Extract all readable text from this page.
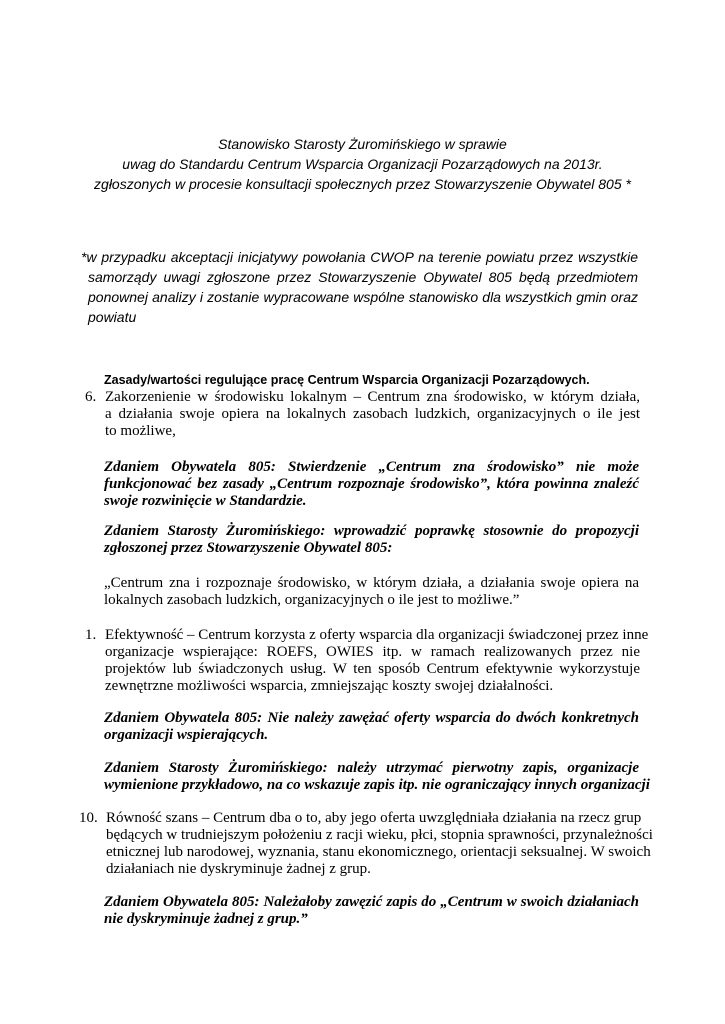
Stanowisko Starosty Żuromińskiego w sprawie
uwag do Standardu Centrum Wsparcia Organizacji Pozarządowych na 2013r.
zgłoszonych w procesie konsultacji społecznych przez Stowarzyszenie Obywatel 805 *
*w przypadku akceptacji inicjatywy powołania CWOP na terenie powiatu przez wszystkie
samorządy uwagi zgłoszone przez Stowarzyszenie Obywatel 805 będą przedmiotem
ponownej analizy i zostanie wypracowane wspólne stanowisko dla wszystkich gmin oraz
powiatu
Zasady/wartości regulujące pracę Centrum Wsparcia Organizacji Pozarządowych.
6. Zakorzenienie w środowisku lokalnym – Centrum zna środowisko, w którym działa,
a działania swoje opiera na lokalnych zasobach ludzkich, organizacyjnych o ile jest
to możliwe,
Zdaniem Obywatela 805: Stwierdzenie „Centrum zna środowisko” nie może
funkcjonować bez zasady „Centrum rozpoznaje środowisko”, która powinna znaleźć
swoje rozwinięcie w Standardzie.
Zdaniem Starosty Żuromińskiego: wprowadzić poprawkę stosownie do propozycji
zgłoszonej przez Stowarzyszenie Obywatel 805:
„Centrum zna i rozpoznaje środowisko, w którym działa, a działania swoje opiera na
lokalnych zasobach ludzkich, organizacyjnych o ile jest to możliwe.”
1. Efektywność – Centrum korzysta z oferty wsparcia dla organizacji świadczonej przez inne
organizacje wspierające: ROEFS, OWIES itp. w ramach realizowanych przez nie
projektów lub świadczonych usług. W ten sposób Centrum efektywnie wykorzystuje
zewnętrzne możliwości wsparcia, zmniejszając koszty swojej działalności.
Zdaniem Obywatela 805: Nie należy zawężać oferty wsparcia do dwóch konkretnych
organizacji wspierających.
Zdaniem Starosty Żuromińskiego: należy utrzymać pierwotny zapis, organizacje
wymienione przykładowo, na co wskazuje zapis itp. nie ograniczający innych organizacji
10. Równość szans – Centrum dba o to, aby jego oferta uwzględniała działania na rzecz grup
będących w trudniejszym położeniu z racji wieku, płci, stopnia sprawności, przynależności
etnicznej lub narodowej, wyznania, stanu ekonomicznego, orientacji seksualnej. W swoich
działaniach nie dyskryminuje żadnej z grup.
Zdaniem Obywatela 805: Należałoby zawęzić zapis do „Centrum w swoich działaniach
nie dyskryminuje żadnej z grup.”
